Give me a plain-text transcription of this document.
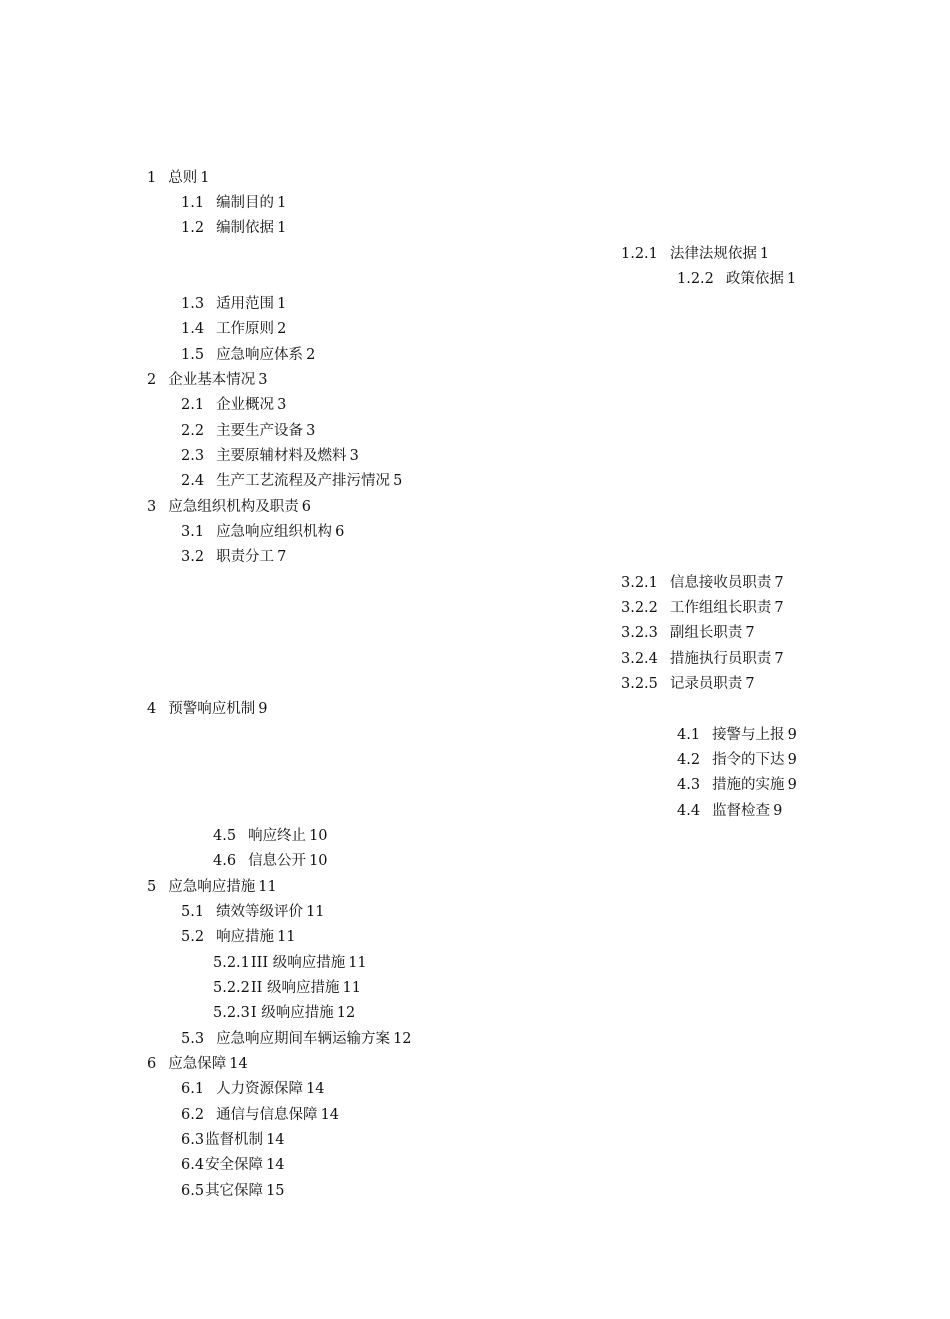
1 总则 1
1.1 编制目的 1
1.2 编制依据 1
1.2.1 法律法规依据 1
1.2.2 政策依据 1
1.3 适用范围 1
1.4 工作原则 2
1.5 应急响应体系 2
2 企业基本情况 3
2.1 企业概况 3
2.2 主要生产设备 3
2.3 主要原辅材料及燃料 3
2.4 生产工艺流程及产排污情况 5
3 应急组织机构及职责 6
3.1 应急响应组织机构 6
3.2 职责分工 7
3.2.1 信息接收员职责 7
3.2.2 工作组组长职责 7
3.2.3 副组长职责 7
3.2.4 措施执行员职责 7
3.2.5 记录员职责 7
4 预警响应机制 9
4.1 接警与上报 9
4.2 指令的下达 9
4.3 措施的实施 9
4.4 监督检查 9
4.5 响应终止 10
4.6 信息公开 10
5 应急响应措施 11
5.1 绩效等级评价 11
5.2 响应措施 11
5.2.1III 级响应措施 11
5.2.2II 级响应措施 11
5.2.3I 级响应措施 12
5.3 应急响应期间车辆运输方案 12
6 应急保障 14
6.1 人力资源保障 14
6.2 通信与信息保障 14
6.3监督机制 14
6.4安全保障 14
6.5其它保障 15
